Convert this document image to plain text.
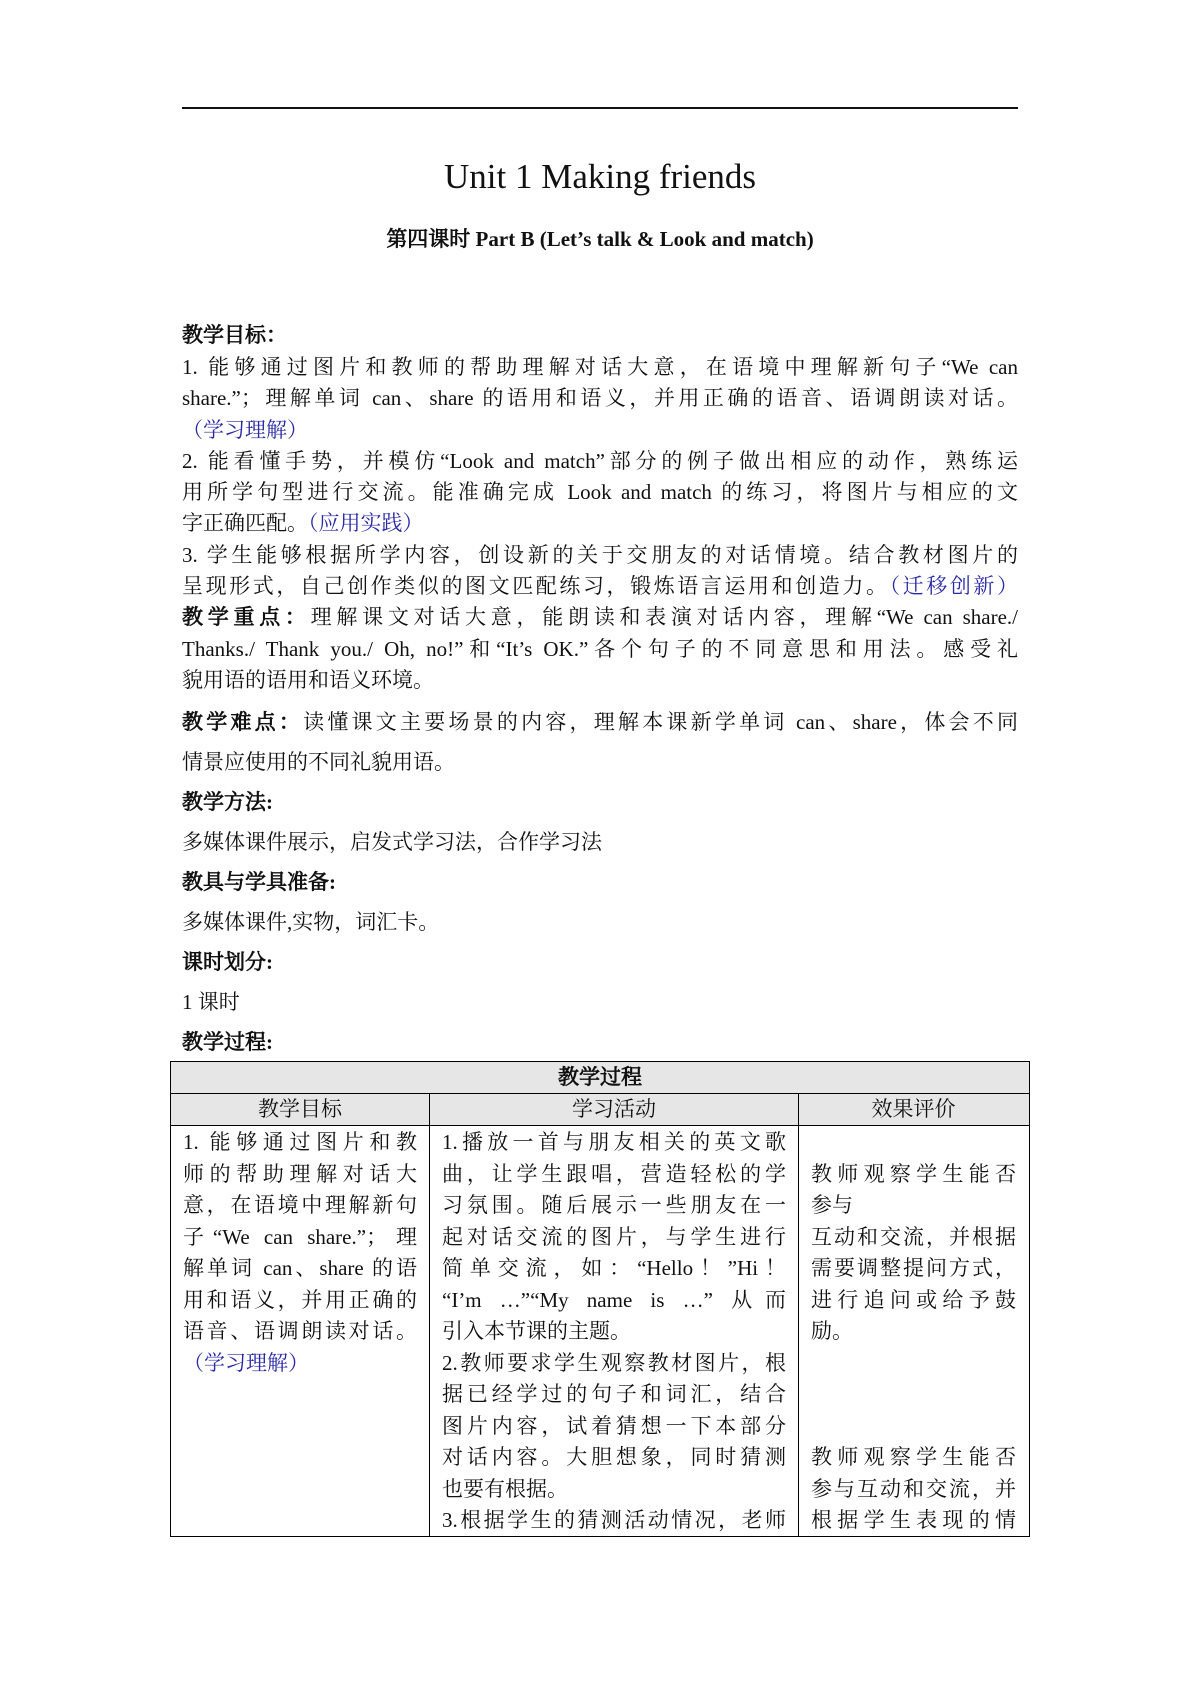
Unit 1 Making friends
第四课时 Part B (Let’s talk & Look and match)
教学目标：
1. 能够通过图片和教师的帮助理解对话大意，在语境中理解新句子“We can
share.”；理解单词 can、share 的语用和语义，并用正确的语音、语调朗读对话。
（学习理解）
2. 能看懂手势，并模仿“Look and match”部分的例子做出相应的动作，熟练运
用所学句型进行交流。能准确完成 Look and match 的练习，将图片与相应的文
字正确匹配。（应用实践）
3. 学生能够根据所学内容，创设新的关于交朋友的对话情境。结合教材图片的
呈现形式，自己创作类似的图文匹配练习，锻炼语言运用和创造力。（迁移创新）
教学重点：理解课文对话大意，能朗读和表演对话内容，理解“We can share./
Thanks./ Thank you./ Oh, no!”和“It’s OK.”各个句子的不同意思和用法。感受礼
貌用语的语用和语义环境。
教学难点：读懂课文主要场景的内容，理解本课新学单词 can、share，体会不同
情景应使用的不同礼貌用语。
教学方法:
多媒体课件展示，启发式学习法，合作学习法
教具与学具准备:
多媒体课件,实物，词汇卡。
课时划分:
1 课时
教学过程:
教学过程
教学目标	学习活动	效果评价
1. 能够通过图片和教
师的帮助理解对话大
意，在语境中理解新句
子“We can share.”；理
解单词 can、share 的语
用和语义，并用正确的
语音、语调朗读对话。
（学习理解）
1.播放一首与朋友相关的英文歌
曲，让学生跟唱，营造轻松的学
习氛围。随后展示一些朋友在一
起对话交流的图片，与学生进行
简单交流，如：“Hello！”Hi！
“I’m …”“My name is …” 从而
引入本节课的主题。
2.教师要求学生观察教材图片，根
据已经学过的句子和词汇，结合
图片内容，试着猜想一下本部分
对话内容。大胆想象，同时猜测
也要有根据。
3.根据学生的猜测活动情况，老师
教师观察学生能否
参与
互动和交流，并根据
需要调整提问方式，
进行追问或给予鼓
励。
教师观察学生能否
参与互动和交流，并
根据学生表现的情
